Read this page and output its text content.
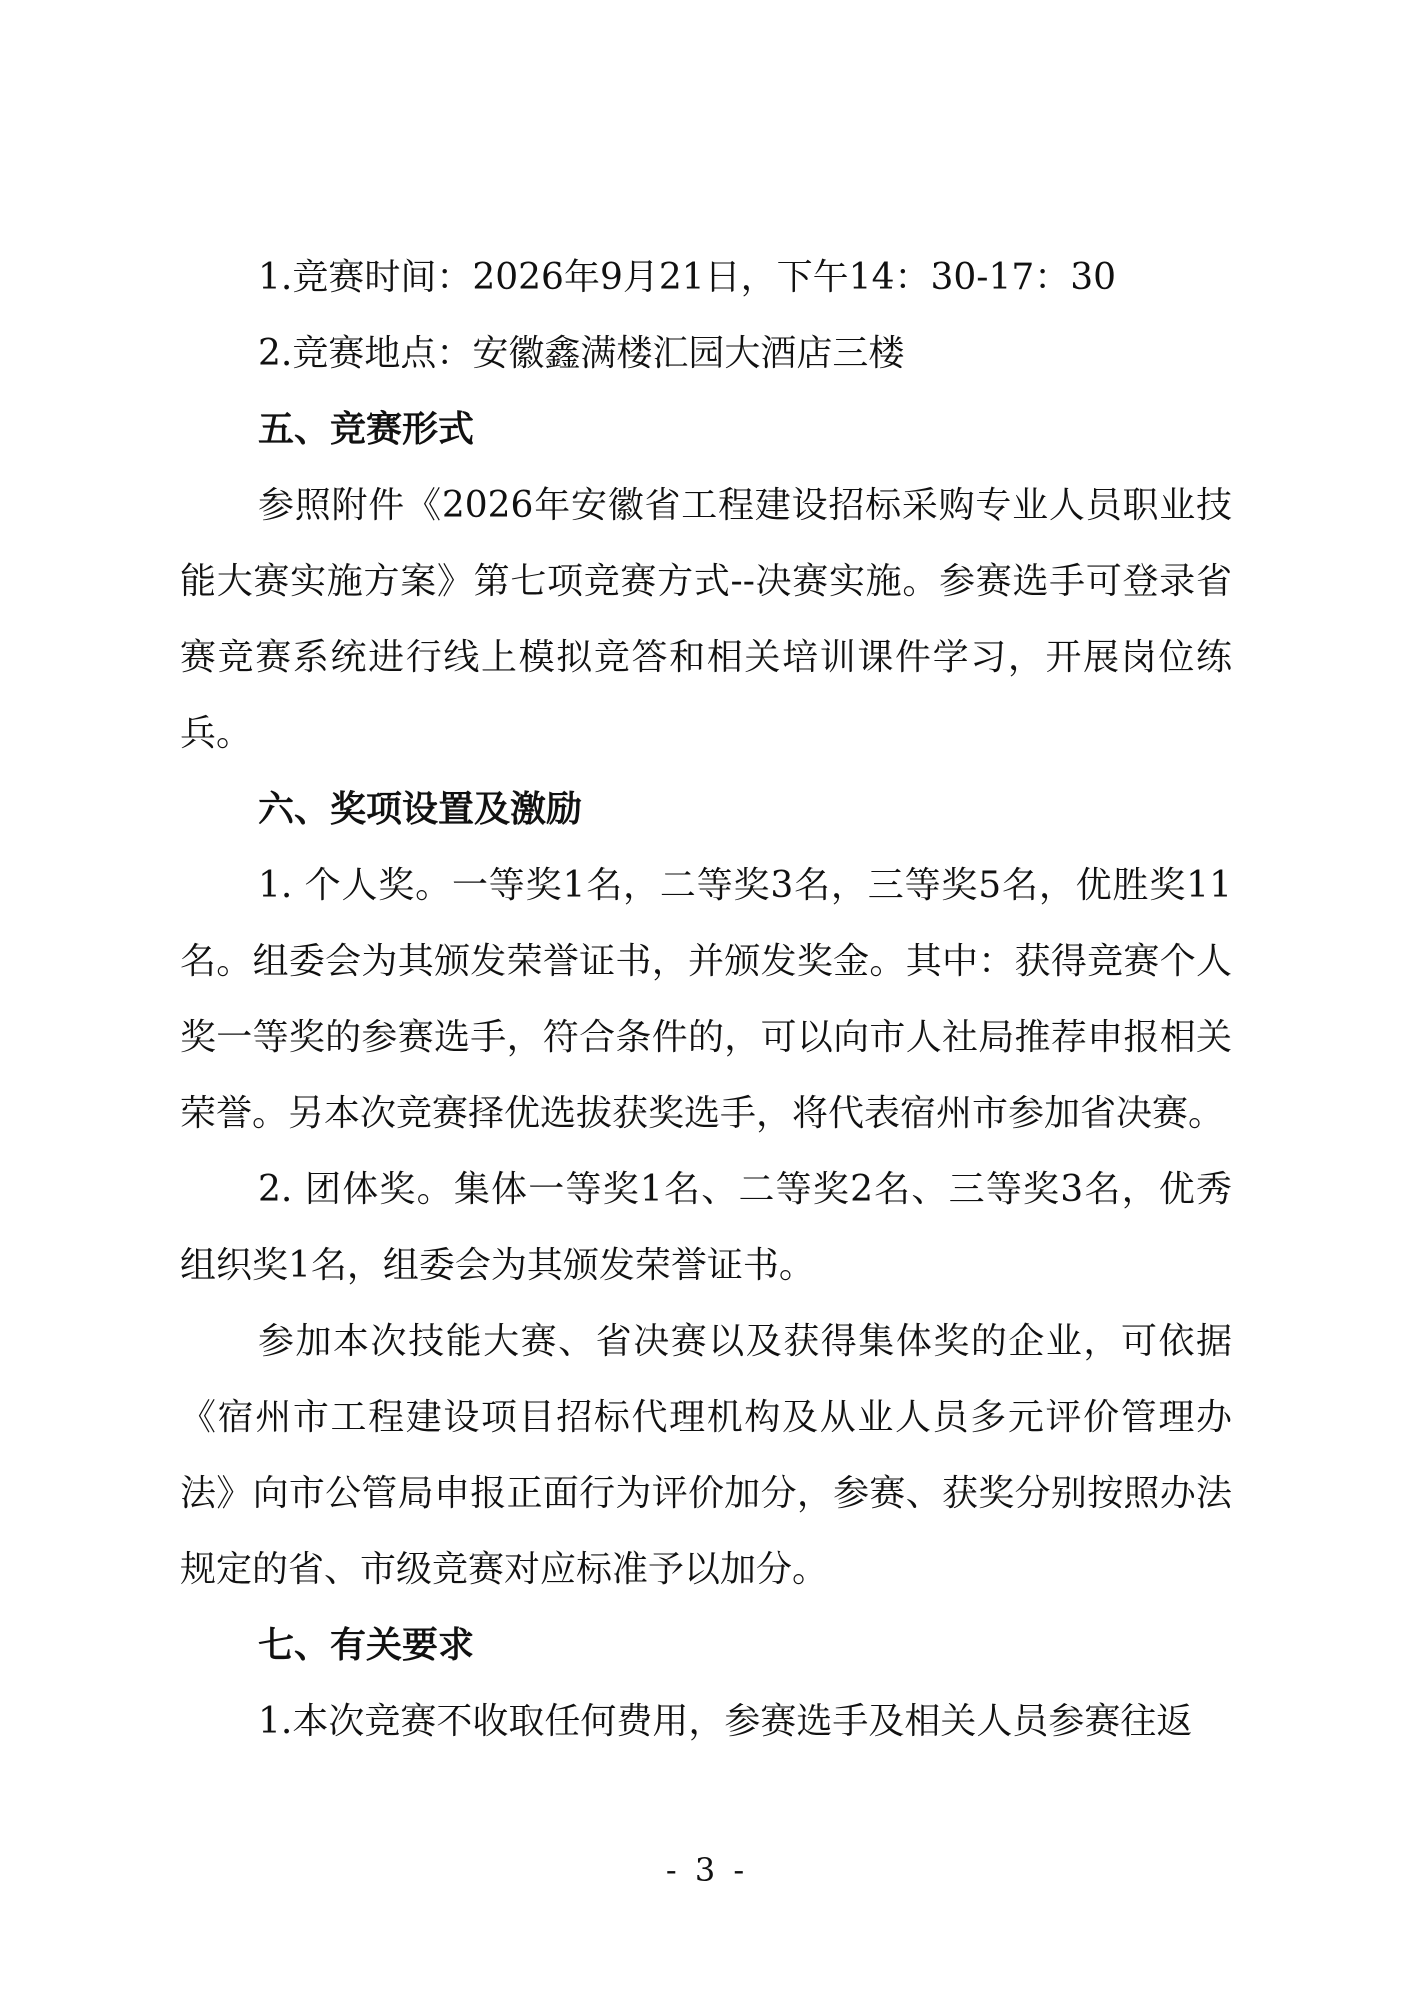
1.竞赛时间：2026年9月21日，下午14：30-17：30

2.竞赛地点：安徽鑫满楼汇园大酒店三楼

五、竞赛形式

参照附件《2026年安徽省工程建设招标采购专业人员职业技能大赛实施方案》第七项竞赛方式--决赛实施。参赛选手可登录省赛竞赛系统进行线上模拟竞答和相关培训课件学习，开展岗位练兵。

六、奖项设置及激励

1. 个人奖。一等奖1名，二等奖3名，三等奖5名，优胜奖11名。组委会为其颁发荣誉证书，并颁发奖金。其中：获得竞赛个人奖一等奖的参赛选手，符合条件的，可以向市人社局推荐申报相关荣誉。另本次竞赛择优选拔获奖选手，将代表宿州市参加省决赛。

2. 团体奖。集体一等奖1名、二等奖2名、三等奖3名，优秀组织奖1名，组委会为其颁发荣誉证书。

参加本次技能大赛、省决赛以及获得集体奖的企业，可依据《宿州市工程建设项目招标代理机构及从业人员多元评价管理办法》向市公管局申报正面行为评价加分，参赛、获奖分别按照办法规定的省、市级竞赛对应标准予以加分。

七、有关要求

1.本次竞赛不收取任何费用，参赛选手及相关人员参赛往返

- 3 -
